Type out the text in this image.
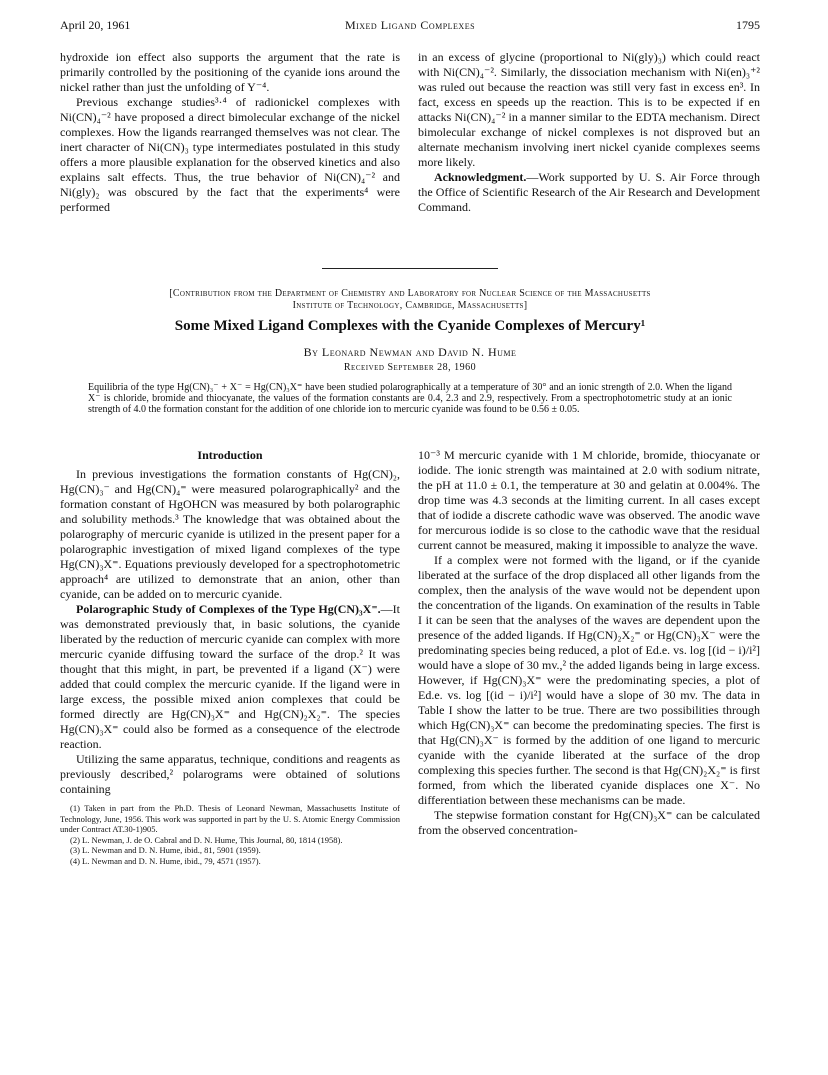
April 20, 1961	Mixed Ligand Complexes	1795

hydroxide ion effect also supports the argument that the rate is primarily controlled by the positioning of the cyanide ions around the nickel rather than just the unfolding of Y⁻⁴.

Previous exchange studies³·⁴ of radionickel complexes with Ni(CN)₄⁻² have proposed a direct bimolecular exchange of the nickel complexes. How the ligands rearranged themselves was not clear. The inert character of Ni(CN)₃ type intermediates postulated in this study offers a more plausible explanation for the observed kinetics and also explains salt effects. Thus, the true behavior of Ni(CN)₄⁻² and Ni(gly)₂ was obscured by the fact that the experiments⁴ were performed

in an excess of glycine (proportional to Ni(gly)₃) which could react with Ni(CN)₄⁻². Similarly, the dissociation mechanism with Ni(en)₃⁺² was ruled out because the reaction was still very fast in excess en³. In fact, excess en speeds up the reaction. This is to be expected if en attacks Ni(CN)₄⁻² in a manner similar to the EDTA mechanism. Direct bimolecular exchange of nickel complexes is not disproved but an alternate mechanism involving inert nickel cyanide complexes seems more likely.

Acknowledgment.—Work supported by U. S. Air Force through the Office of Scientific Research of the Air Research and Development Command.

[Contribution from the Department of Chemistry and Laboratory for Nuclear Science of the Massachusetts
Institute of Technology, Cambridge, Massachusetts]
Some Mixed Ligand Complexes with the Cyanide Complexes of Mercury¹
By Leonard Newman and David N. Hume
Received September 28, 1960
Equilibria of the type Hg(CN)₃⁻ + X⁻ = Hg(CN)₃X⁼ have been studied polarographically at a temperature of 30° and an ionic strength of 2.0. When the ligand X⁻ is chloride, bromide and thiocyanate, the values of the formation constants are 0.4, 2.3 and 2.9, respectively. From a spectrophotometric study at an ionic strength of 4.0 the formation constant for the addition of one chloride ion to mercuric cyanide was found to be 0.56 ± 0.05.

Introduction

In previous investigations the formation constants of Hg(CN)₂, Hg(CN)₃⁻ and Hg(CN)₄⁼ were measured polarographically² and the formation constant of HgOHCN was measured by both polarographic and solubility methods.³ The knowledge that was obtained about the polarography of mercuric cyanide is utilized in the present paper for a polarographic investigation of mixed ligand complexes of the type Hg(CN)₃X⁼. Equations previously developed for a spectrophotometric approach⁴ are utilized to demonstrate that an anion, other than cyanide, can be added on to mercuric cyanide.

Polarographic Study of Complexes of the Type Hg(CN)₃X⁼.—It was demonstrated previously that, in basic solutions, the cyanide liberated by the reduction of mercuric cyanide can complex with more mercuric cyanide diffusing toward the surface of the drop.² It was thought that this might, in part, be prevented if a ligand (X⁻) were added that could complex the mercuric cyanide. If the ligand were in large excess, the possible mixed anion complexes that could be formed directly are Hg(CN)₃X⁼ and Hg(CN)₂X₂⁼. The species Hg(CN)₃X⁼ could also be formed as a consequence of the electrode reaction.

Utilizing the same apparatus, technique, conditions and reagents as previously described,² polarograms were obtained of solutions containing

(1) Taken in part from the Ph.D. Thesis of Leonard Newman, Massachusetts Institute of Technology, June, 1956. This work was supported in part by the U. S. Atomic Energy Commission under Contract AT.30-1)905.
(2) L. Newman, J. de O. Cabral and D. N. Hume, This Journal, 80, 1814 (1958).
(3) L. Newman and D. N. Hume, ibid., 81, 5901 (1959).
(4) L. Newman and D. N. Hume, ibid., 79, 4571 (1957).

10⁻³ M mercuric cyanide with 1 M chloride, bromide, thiocyanate or iodide. The ionic strength was maintained at 2.0 with sodium nitrate, the pH at 11.0 ± 0.1, the temperature at 30 and gelatin at 0.004%. The drop time was 4.3 seconds at the limiting current. In all cases except that of iodide a discrete cathodic wave was observed. The anodic wave for mercurous iodide is so close to the cathodic wave that the residual current cannot be measured, making it impossible to analyze the wave.

If a complex were not formed with the ligand, or if the cyanide liberated at the surface of the drop displaced all other ligands from the complex, then the analysis of the wave would not be dependent upon the concentration of the ligands. On examination of the results in Table I it can be seen that the analyses of the waves are dependent upon the presence of the added ligands. If Hg(CN)₂X₂⁼ or Hg(CN)₃X⁻ were the predominating species being reduced, a plot of Ed.e. vs. log [(id − i)/i²] would have a slope of 30 mv.,² the added ligands being in large excess. However, if Hg(CN)₃X⁼ were the predominating species, a plot of Ed.e. vs. log [(id − i)/i²] would have a slope of 30 mv. The data in Table I show the latter to be true. There are two possibilities through which Hg(CN)₃X⁼ can become the predominating species. The first is that Hg(CN)₃X⁻ is formed by the addition of one ligand to mercuric cyanide with the cyanide liberated at the surface of the drop complexing this species further. The second is that Hg(CN)₂X₂⁼ is first formed, from which the liberated cyanide displaces one X⁻. No differentiation between these mechanisms can be made.

The stepwise formation constant for Hg(CN)₃X⁼ can be calculated from the observed concentration-
